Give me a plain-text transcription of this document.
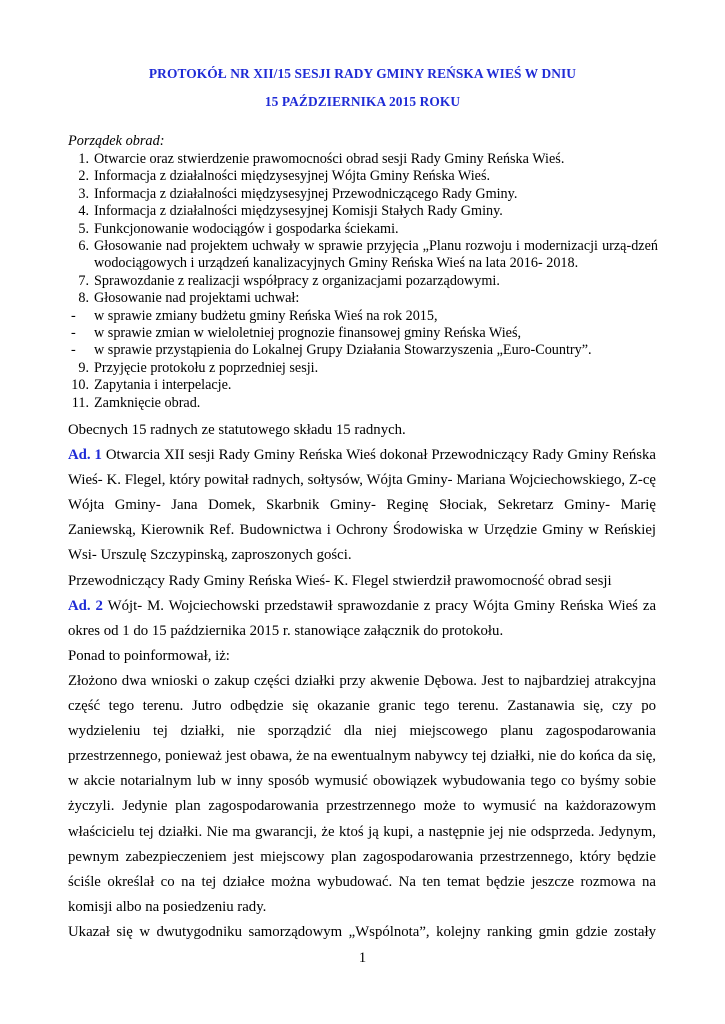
PROTOKÓŁ NR XII/15 SESJI RADY GMINY REŃSKA WIEŚ W DNIU
15 PAŹDZIERNIKA 2015 ROKU
Porządek obrad:
1. Otwarcie oraz stwierdzenie prawomocności obrad sesji Rady Gminy Reńska Wieś.
2. Informacja z działalności międzysesyjnej Wójta Gminy Reńska Wieś.
3. Informacja z działalności międzysesyjnej Przewodniczącego Rady Gminy.
4. Informacja z działalności międzysesyjnej Komisji Stałych Rady Gminy.
5. Funkcjonowanie wodociągów i gospodarka ściekami.
6. Głosowanie nad projektem uchwały w sprawie przyjęcia „Planu rozwoju i modernizacji urzą-dzeń wodociągowych i urządzeń kanalizacyjnych Gminy Reńska Wieś na lata 2016- 2018.
7. Sprawozdanie z realizacji współpracy z organizacjami pozarządowymi.
8. Głosowanie nad projektami uchwał:
-	w sprawie zmiany budżetu gminy Reńska Wieś na rok 2015,
-	w sprawie zmian w wieloletniej prognozie finansowej gminy Reńska Wieś,
-	w sprawie przystąpienia do Lokalnej Grupy Działania Stowarzyszenia „Euro-Country”.
9. Przyjęcie protokołu z poprzedniej sesji.
10. Zapytania i interpelacje.
11. Zamknięcie obrad.

Obecnych 15 radnych ze statutowego składu 15 radnych.

Ad. 1 Otwarcia XII sesji Rady Gminy Reńska Wieś dokonał Przewodniczący Rady Gminy Reńska Wieś- K. Flegel, który powitał radnych, sołtysów, Wójta Gminy- Mariana Wojciechowskiego, Z-cę Wójta Gminy- Jana Domek, Skarbnik Gminy- Reginę Słociak, Sekretarz Gminy- Marię Zaniewską, Kierownik Ref. Budownictwa i Ochrony Środowiska w Urzędzie Gminy w Reńskiej Wsi- Urszulę Szczypinską, zaproszonych gości.

Przewodniczący Rady Gminy Reńska Wieś- K. Flegel stwierdził prawomocność obrad sesji

Ad. 2 Wójt- M. Wojciechowski przedstawił sprawozdanie z pracy Wójta Gminy Reńska Wieś za okres od 1 do 15 października 2015 r. stanowiące załącznik do protokołu.

Ponad to poinformował, iż:

Złożono dwa wnioski o zakup części działki przy akwenie Dębowa. Jest to najbardziej atrakcyjna część tego terenu. Jutro odbędzie się okazanie granic tego terenu. Zastanawia się, czy po wydzieleniu tej działki, nie sporządzić dla niej miejscowego planu zagospodarowania przestrzennego, ponieważ jest obawa, że na ewentualnym nabywcy tej działki, nie do końca da się, w akcie notarialnym lub w inny sposób wymusić obowiązek wybudowania tego co byśmy sobie życzyli. Jedynie plan zagospodarowania przestrzennego może to wymusić na każdorazowym właścicielu tej działki. Nie ma gwarancji, że ktoś ją kupi, a następnie jej nie odsprzeda. Jedynym, pewnym zabezpieczeniem jest miejscowy plan zagospodarowania przestrzennego, który będzie ściśle określał co na tej działce można wybudować. Na ten temat będzie jeszcze rozmowa na komisji albo na posiedzeniu rady.

Ukazał się w dwutygodniku samorządowym „Wspólnota”, kolejny ranking gmin gdzie zostały

1
